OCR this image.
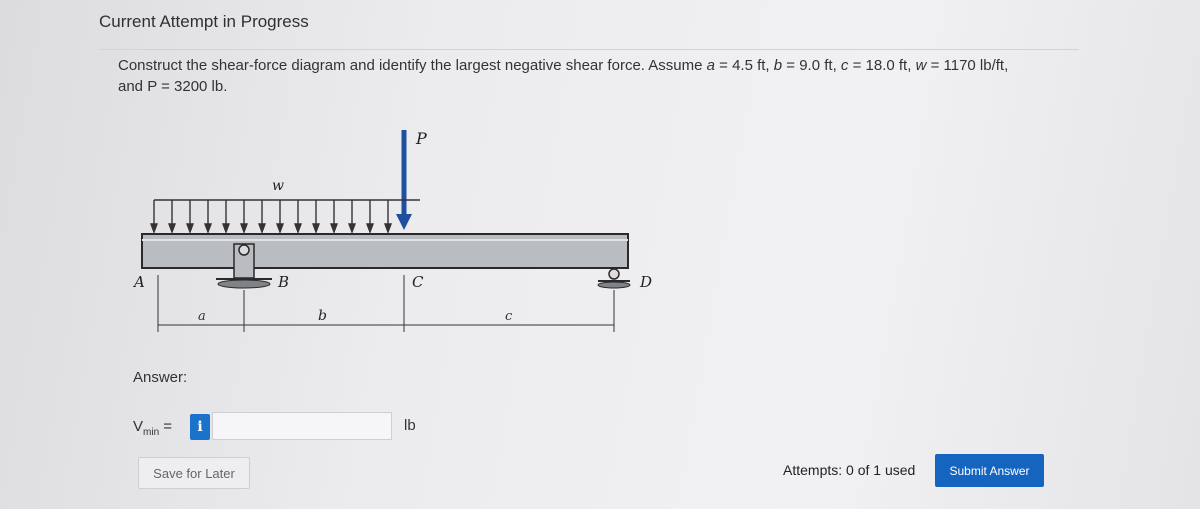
Current Attempt in Progress
Construct the shear-force diagram and identify the largest negative shear force. Assume a = 4.5 ft, b = 9.0 ft, c = 18.0 ft, w = 1170 lb/ft,
and P = 3200 lb.
P
w
A	B	C	D
a	b	c
Answer:
$V_{min}$ =	i	lb
Save for Later	Attempts: 0 of 1 used	Submit Answer
